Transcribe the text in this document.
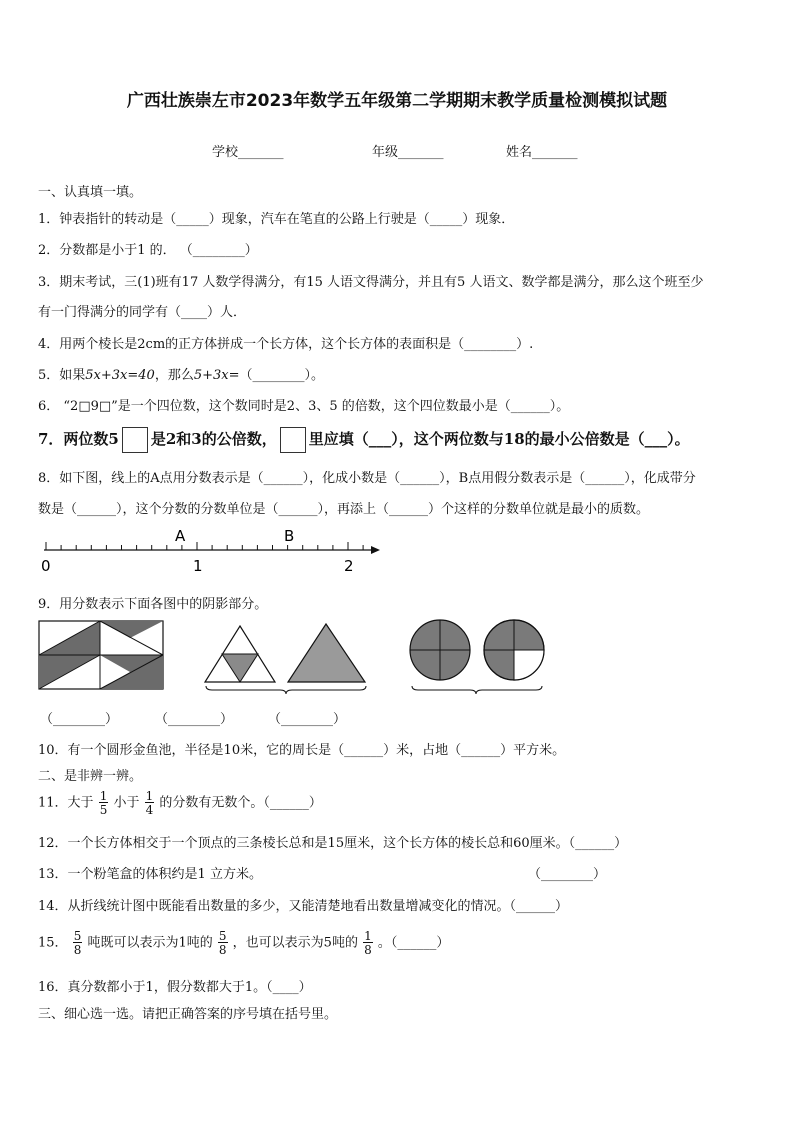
广西壮族崇左市2023年数学五年级第二学期期末教学质量检测模拟试题
学校_______	年级_______	姓名_______
一、认真填一填。
1．钟表指针的转动是（_____）现象，汽车在笔直的公路上行驶是（_____）现象．
2．分数都是小于1 的． （________）
3．期末考试，三(1)班有17 人数学得满分，有15 人语文得满分，并且有5 人语文、数学都是满分，那么这个班至少
有一门得满分的同学有（____）人．
4．用两个棱长是2cm的正方体拼成一个长方体，这个长方体的表面积是（________）.
5．如果5x+3x=40，那么5+3x=（________）。
6． “2□9□”是一个四位数，这个数同时是2、3、5 的倍数，这个四位数最小是（______）。
7．两位数5 是2和3的公倍数， 里应填（___），这个两位数与18的最小公倍数是（___）。
8．如下图，线上的A点用分数表示是（______），化成小数是（______），B点用假分数表示是（______），化成带分
数是（______），这个分数的分数单位是（______），再添上（______）个这样的分数单位就是最小的质数。
A	B
0	1	2
9．用分数表示下面各图中的阴影部分。
（________）	（________）	（________）
10．有一个圆形金鱼池，半径是10米，它的周长是（______）米，占地（______）平方米。
二、是非辨一辨。
11．大于 $\frac{1}{5}$ 小于 $\frac{1}{4}$ 的分数有无数个。（______）
12．一个长方体相交于一个顶点的三条棱长总和是15厘米，这个长方体的棱长总和60厘米。（______）
13．一个粉笔盒的体积约是1 立方米。	（________）
14．从折线统计图中既能看出数量的多少，又能清楚地看出数量增减变化的情况。（______）
15． $\frac{5}{8}$ 吨既可以表示为1吨的 $\frac{5}{8}$ ，也可以表示为5吨的 $\frac{1}{8}$ 。（______）
16．真分数都小于1，假分数都大于1。（____）
三、细心选一选。请把正确答案的序号填在括号里。
